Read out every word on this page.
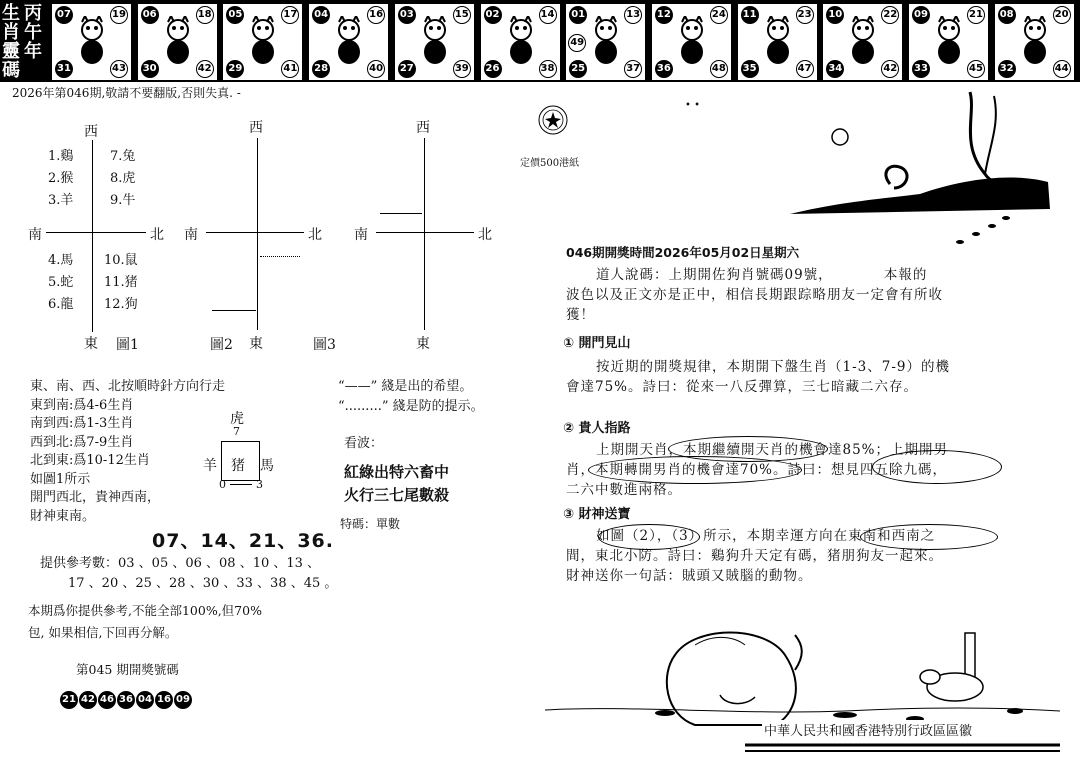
生
肖
靈
碼
丙
午
年
07	19
31	43
06	18
30	42
05	17
29	41
04	16
28	40
03	15
27	39
02	14
26	38
01	13
25	37
49
12	24
36	48
11	23
35	47
10	22
34	42
09	21
33	45
08	20
32	44
2026年第046期,敬請不要翻版,否則失真. -
西
南	北
東
1.鷄
2.猴
3.羊
7.兔
8.虎
9.牛
4.馬
5.蛇
6.龍
10.鼠
11.猪
12.狗
圖1
西
南	北
東
圖2	圖3
西
南	北
東
東、南、西、北按順時針方向行走
東到南:爲4-6生肖
南到西:爲1-3生肖
西到北:爲7-9生肖
北到東:爲10-12生肖
如圖1所示
開門西北，貴神西南，
財神東南。
虎
7
羊 猪 馬
0	3
“——” 綫是出的希望。
“.........” 綫是防的提示。
看波：
紅綠出特六畜中
火行三七尾數殺
特碼：單數
07、14、21、36.
提供參考數：03 、05 、06 、08 、10 、13 、
17 、20 、25 、28 、30 、33 、38 、45 。
本期爲你提供參考,不能全部100%,但70%
包, 如果相信,下回再分解。
第045 期開獎號碼
21 42 46 36 04 16 09
定價500港紙
• •
046期開獎時間2026年05月02日星期六
道人說碼：上期開佐狗肖號碼09號，　　　　本報的
波色以及正文亦是正中，相信長期跟踪略朋友一定會有所收
獲！
① 開門見山
按近期的開獎規律，本期開下盤生肖（1-3、7-9）的機
會達75%。詩曰：從來一八反彈算，三七暗藏二六存。
② 貴人指路
上期開天肖，本期繼續開天肖的機會達85%；上期開男
肖，本期轉開男肖的機會達70%。詩曰：想見四五除九碼，
二六中數進兩格。
③ 財神送寶
如圖（2），（3）所示，本期幸運方向在東南和西南之
間，東北小防。詩曰：鷄狗升天定有碼，猪朋狗友一起來。
財神送你一句話：賊頭又賊腦的動物。
中華人民共和國香港特別行政區區徽
